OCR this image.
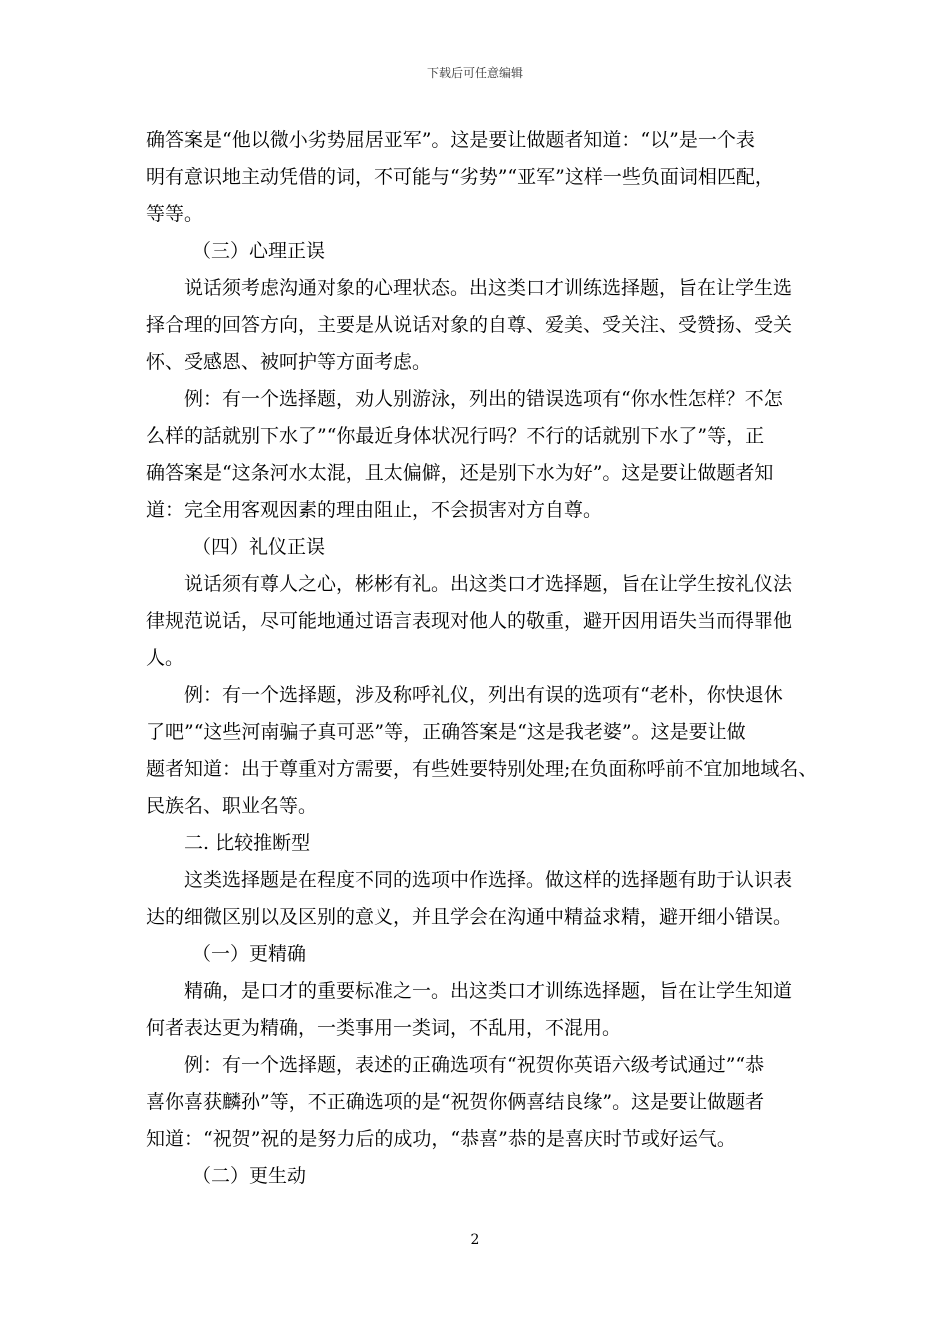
下载后可任意编辑
确答案是“他以微小劣势屈居亚军”。这是要让做题者知道：“以”是一个表
明有意识地主动凭借的词，不可能与“劣势”“亚军”这样一些负面词相匹配，
等等。
（三）心理正误
说话须考虑沟通对象的心理状态。出这类口才训练选择题，旨在让学生选
择合理的回答方向，主要是从说话对象的自尊、爱美、受关注、受赞扬、受关
怀、受感恩、被呵护等方面考虑。
例：有一个选择题，劝人别游泳，列出的错误选项有“你水性怎样？不怎
么样的話就别下水了”“你最近身体状况行吗？不行的话就别下水了”等，正
确答案是“这条河水太混，且太偏僻，还是别下水为好”。这是要让做题者知
道：完全用客观因素的理由阻止，不会损害对方自尊。
（四）礼仪正误
说话须有尊人之心，彬彬有礼。出这类口才选择题，旨在让学生按礼仪法
律规范说话，尽可能地通过语言表现对他人的敬重，避开因用语失当而得罪他
人。
例：有一个选择题，涉及称呼礼仪，列出有误的选项有“老朴，你快退休
了吧”“这些河南骗子真可恶”等，正确答案是“这是我老婆”。这是要让做
题者知道：出于尊重对方需要，有些姓要特别处理;在负面称呼前不宜加地域名、
民族名、职业名等。
二. 比较推断型
这类选择题是在程度不同的选项中作选择。做这样的选择题有助于认识表
达的细微区别以及区别的意义，并且学会在沟通中精益求精，避开细小错误。
（一）更精确
精确，是口才的重要标准之一。出这类口才训练选择题，旨在让学生知道
何者表达更为精确，一类事用一类词，不乱用，不混用。
例：有一个选择题，表述的正确选项有“祝贺你英语六级考试通过”“恭
喜你喜获麟孙”等，不正确选项的是“祝贺你俩喜结良缘”。这是要让做题者
知道：“祝贺”祝的是努力后的成功，“恭喜”恭的是喜庆时节或好运气。
（二）更生动
2
